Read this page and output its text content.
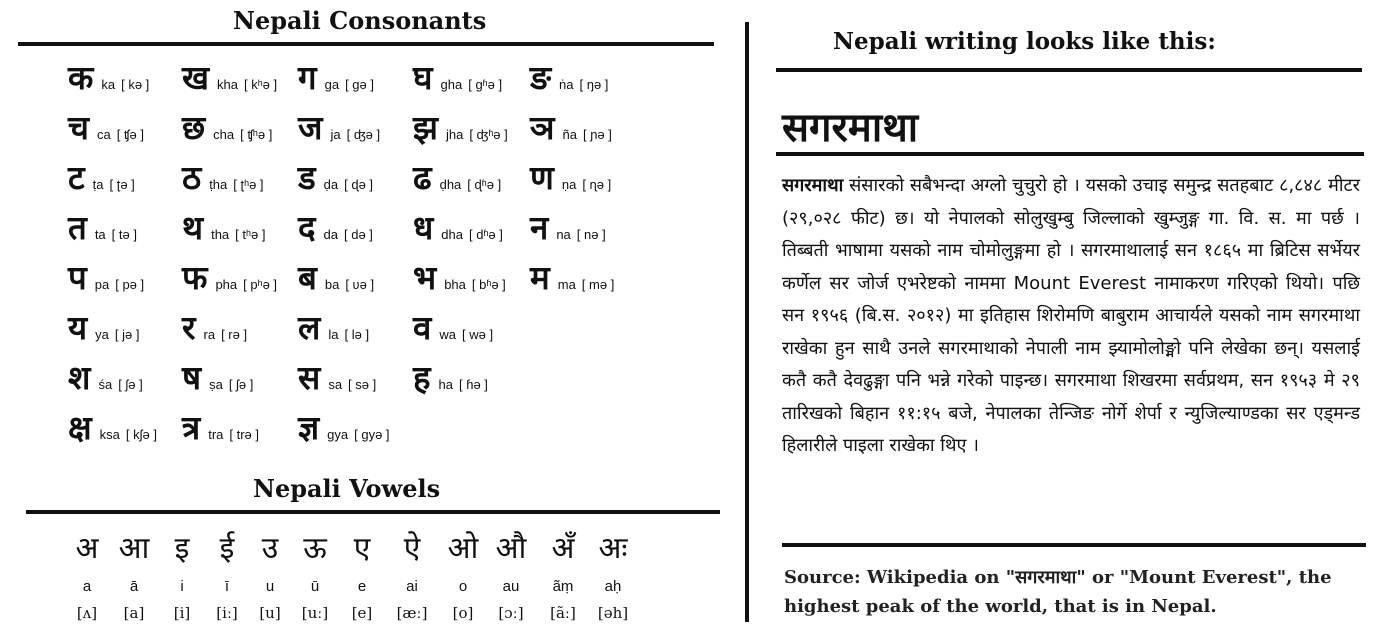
Nepali Consonants
क ka [ kə ] ख kha [ kʰə ] ग ga [ gə ] घ gha [ gʱə ] ङ ṅa [ ŋə ]
च ca [ ʧə ] छ cha [ ʧʰə ] ज ja [ ʤə ] झ jha [ ʤʱə ] ञ ña [ ɲə ]
ट ṭa [ ʈə ] ठ ṭha [ ʈʰə ] ड ḍa [ ɖə ] ढ ḍha [ ɖʱə ] ण ṇa [ ɳə ]
त ta [ tə ] थ tha [ tʰə ] द da [ də ] ध dha [ dʱə ] न na [ nə ]
प pa [ pə ] फ pha [ pʰə ] ब ba [ ʋə ] भ bha [ bʱə ] म ma [ mə ]
य ya [ jə ] र ra [ rə ] ल la [ lə ] व wa [ wə ]
श śa [ ʃə ] ष ṣa [ ʃə ] स sa [ sə ] ह ha [ ɦə ]
क्ष ksa [ kʃə ] त्र tra [ trə ] ज्ञ gya [ gyə ]
Nepali Vowels
अ
a
[ʌ]
आ
ā
[a]
इ
i
[i]
ई
ī
[iː]
उ
u
[u]
ऊ
ū
[uː]
ए
e
[e]
ऐ
ai
[æː]
ओ
o
[o]
औ
au
[ɔː]
अँ
ãṃ
[ãː]
अः
aḥ
[əh]
Nepali writing looks like this:
सगरमाथा
सगरमाथा संसारको सबैभन्दा अग्लो चुचुरो हो । यसको उचाइ समुन्द्र सतहबाट ८,८४८ मीटर (२९,०२८ फीट) छ। यो नेपालको सोलुखुम्बु जिल्लाको खुम्जुङ्ग गा. वि. स. मा पर्छ । तिब्बती भाषामा यसको नाम चोमोलुङ्गमा हो । सगरमाथालाई सन १८६५ मा ब्रिटिस सर्भेयर कर्णेल सर जोर्ज एभरेष्टको नाममा Mount Everest नामाकरण गरिएको थियो। पछि सन १९५६ (बि.स. २०१२) मा इतिहास शिरोमणि बाबुराम आचार्यले यसको नाम सगरमाथा राखेका हुन साथै उनले सगरमाथाको नेपाली नाम झ्यामोलोङ्मो पनि लेखेका छन्। यसलाई कतै कतै देवढुङ्गा पनि भन्ने गरेको पाइन्छ। सगरमाथा शिखरमा सर्वप्रथम, सन १९५३ मे २९ तारिखको बिहान ११:१५ बजे, नेपालका तेन्जिङ नोर्गे शेर्पा र न्युजिल्याण्डका सर एड्मन्ड हिलारीले पाइला राखेका थिए ।
Source: Wikipedia on "सगरमाथा" or "Mount Everest", the highest peak of the world, that is in Nepal.
